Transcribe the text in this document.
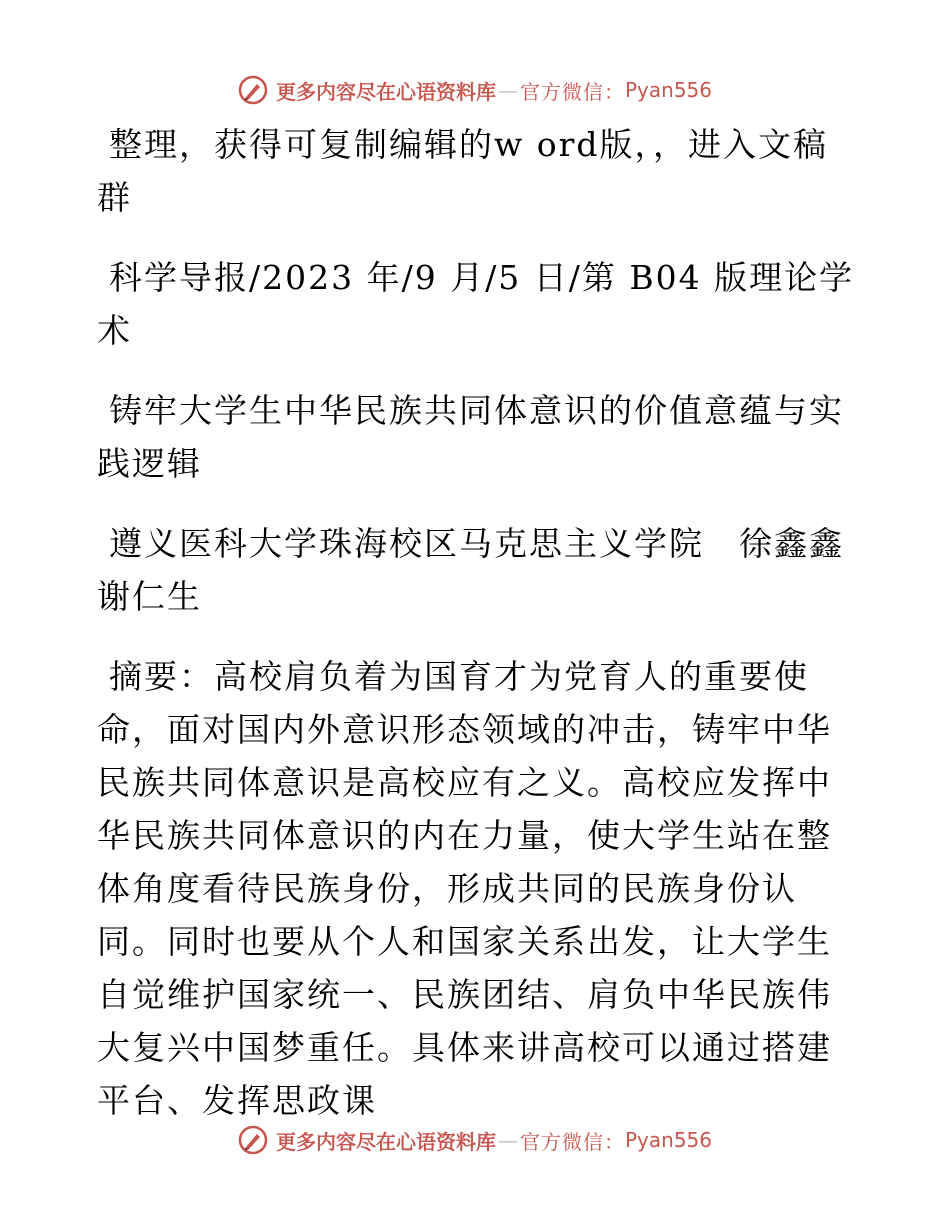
更多内容尽在心语资料库 — 官方微信： Pyan556

整理，获得可复制编辑的w ord版，，进入文稿群

科学导报/2023 年/9 月/5 日/第 B04 版理论学术

铸牢大学生中华民族共同体意识的价值意蕴与实践逻辑

遵义医科大学珠海校区马克思主义学院　徐鑫鑫谢仁生

摘要：高校肩负着为国育才为党育人的重要使命，面对国内外意识形态领域的冲击，铸牢中华民族共同体意识是高校应有之义。高校应发挥中华民族共同体意识的内在力量，使大学生站在整体角度看待民族身份，形成共同的民族身份认同。同时也要从个人和国家关系出发，让大学生自觉维护国家统一、民族团结、肩负中华民族伟大复兴中国梦重任。具体来讲高校可以通过搭建平台、发挥思政课

更多内容尽在心语资料库 — 官方微信： Pyan556
